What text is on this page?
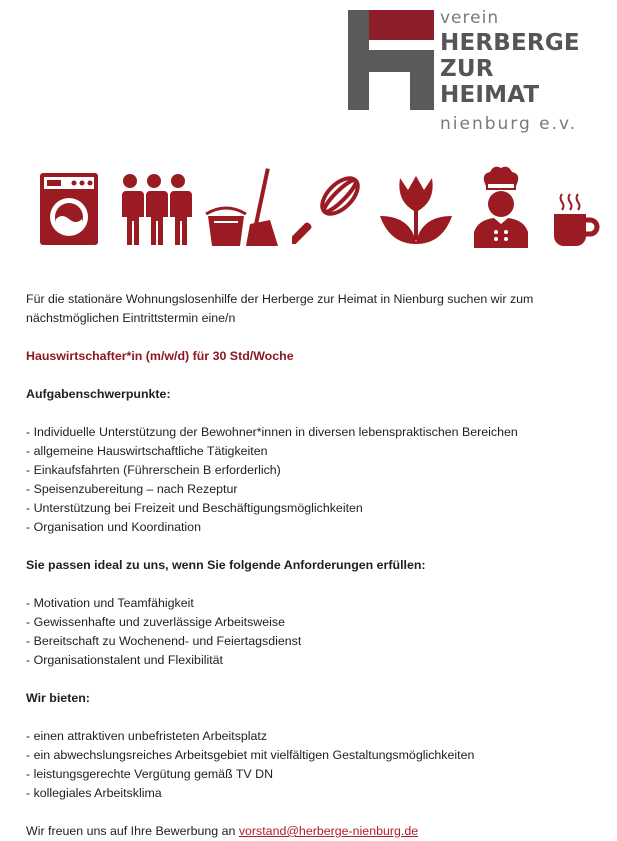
verein
HERBERGE
ZUR HEIMAT
nienburg e.v.

Für die stationäre Wohnungslosenhilfe der Herberge zur Heimat in Nienburg suchen wir zum nächstmöglichen Eintrittstermin eine/n

Hauswirtschafter*in (m/w/d) für 30 Std/Woche

Aufgabenschwerpunkte:

- Individuelle Unterstützung der Bewohner*innen in diversen lebenspraktischen Bereichen
- allgemeine Hauswirtschaftliche Tätigkeiten
- Einkaufsfahrten (Führerschein B erforderlich)
- Speisenzubereitung – nach Rezeptur
- Unterstützung bei Freizeit und Beschäftigungsmöglichkeiten
- Organisation und Koordination

Sie passen ideal zu uns, wenn Sie folgende Anforderungen erfüllen:

- Motivation und Teamfähigkeit
- Gewissenhafte und zuverlässige Arbeitsweise
- Bereitschaft zu Wochenend- und Feiertagsdienst
- Organisationstalent und Flexibilität

Wir bieten:

- einen attraktiven unbefristeten Arbeitsplatz
- ein abwechslungsreiches Arbeitsgebiet mit vielfältigen Gestaltungsmöglichkeiten
- leistungsgerechte Vergütung gemäß TV DN
- kollegiales Arbeitsklima

Wir freuen uns auf Ihre Bewerbung an vorstand@herberge-nienburg.de
